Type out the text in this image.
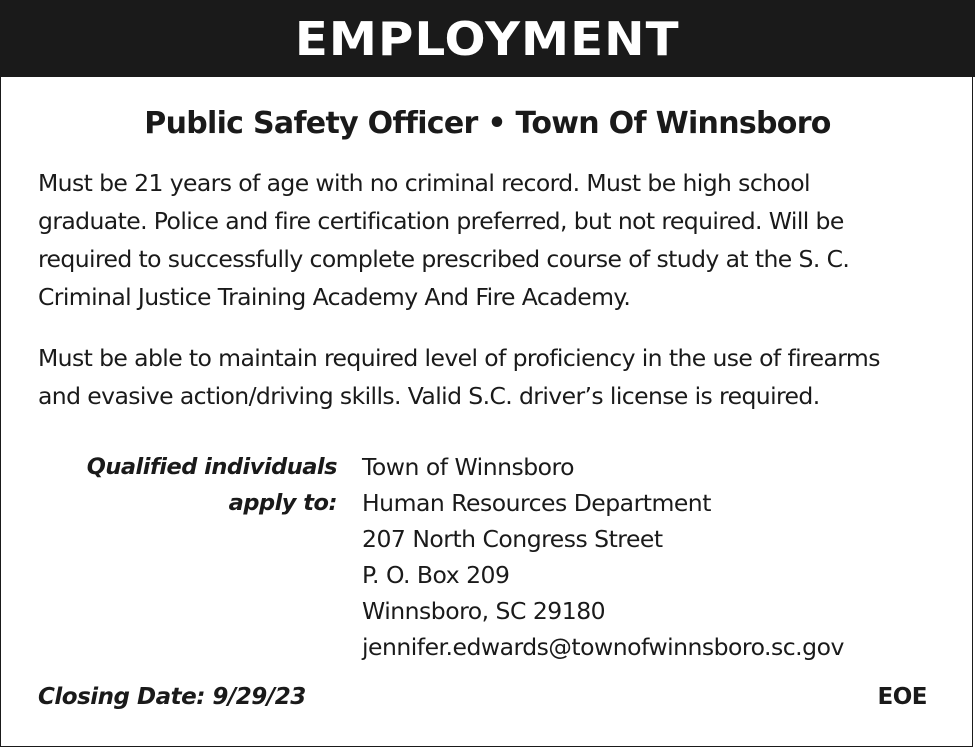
EMPLOYMENT
Public Safety Officer • Town Of Winnsboro

Must be 21 years of age with no criminal record. Must be high school
graduate. Police and fire certification preferred, but not required. Will be
required to successfully complete prescribed course of study at the S. C.
Criminal Justice Training Academy And Fire Academy.

Must be able to maintain required level of proficiency in the use of firearms
and evasive action/driving skills. Valid S.C. driver’s license is required.

Qualified individuals
apply to:
Town of Winnsboro
Human Resources Department
207 North Congress Street
P. O. Box 209
Winnsboro, SC 29180
jennifer.edwards@townofwinnsboro.sc.gov
Closing Date: 9/29/23	EOE
